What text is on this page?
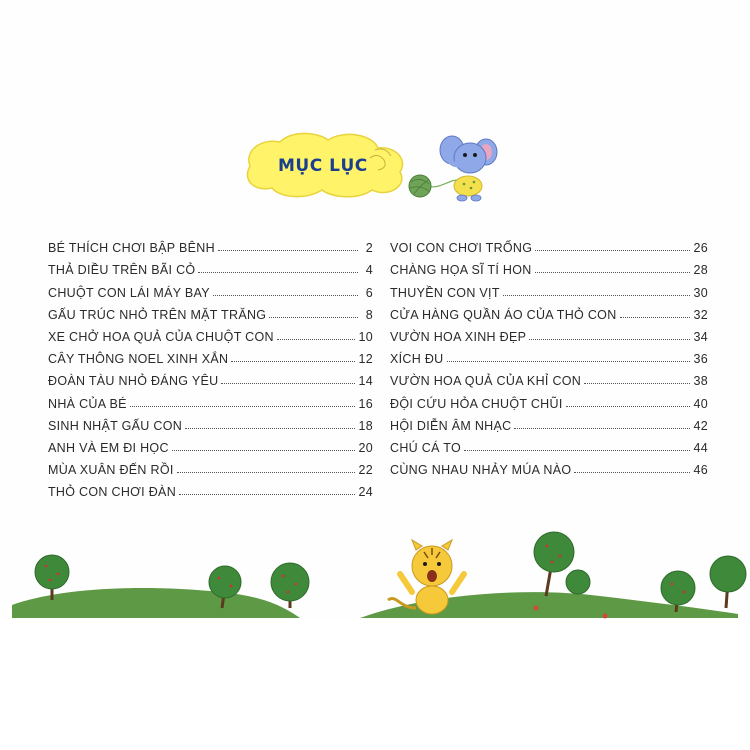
MỤC LỤC
BÉ THÍCH CHƠI BẬP BÊNH	2
THẢ DIỀU TRÊN BÃI CỎ	4
CHUỘT CON LÁI MÁY BAY	6
GẤU TRÚC NHỎ TRÊN MẶT TRĂNG	8
XE CHỞ HOA QUẢ CỦA CHUỘT CON	10
CÂY THÔNG NOEL XINH XẮN	12
ĐOÀN TÀU NHỎ ĐÁNG YÊU	14
NHÀ CỦA BÉ	16
SINH NHẬT GẤU CON	18
ANH VÀ EM ĐI HỌC	20
MÙA XUÂN ĐẾN RỒI	22
THỎ CON CHƠI ĐÀN	24
VOI CON CHƠI TRỐNG	26
CHÀNG HỌA SĨ TÍ HON	28
THUYỀN CON VỊT	30
CỬA HÀNG QUẦN ÁO CỦA THỎ CON	32
VƯỜN HOA XINH ĐẸP	34
XÍCH ĐU	36
VƯỜN HOA QUẢ CỦA KHỈ CON	38
ĐỘI CỨU HỎA CHUỘT CHŨI	40
HỘI DIỄN ÂM NHẠC	42
CHÚ CÁ TO	44
CÙNG NHAU NHẢY MÚA NÀO	46
